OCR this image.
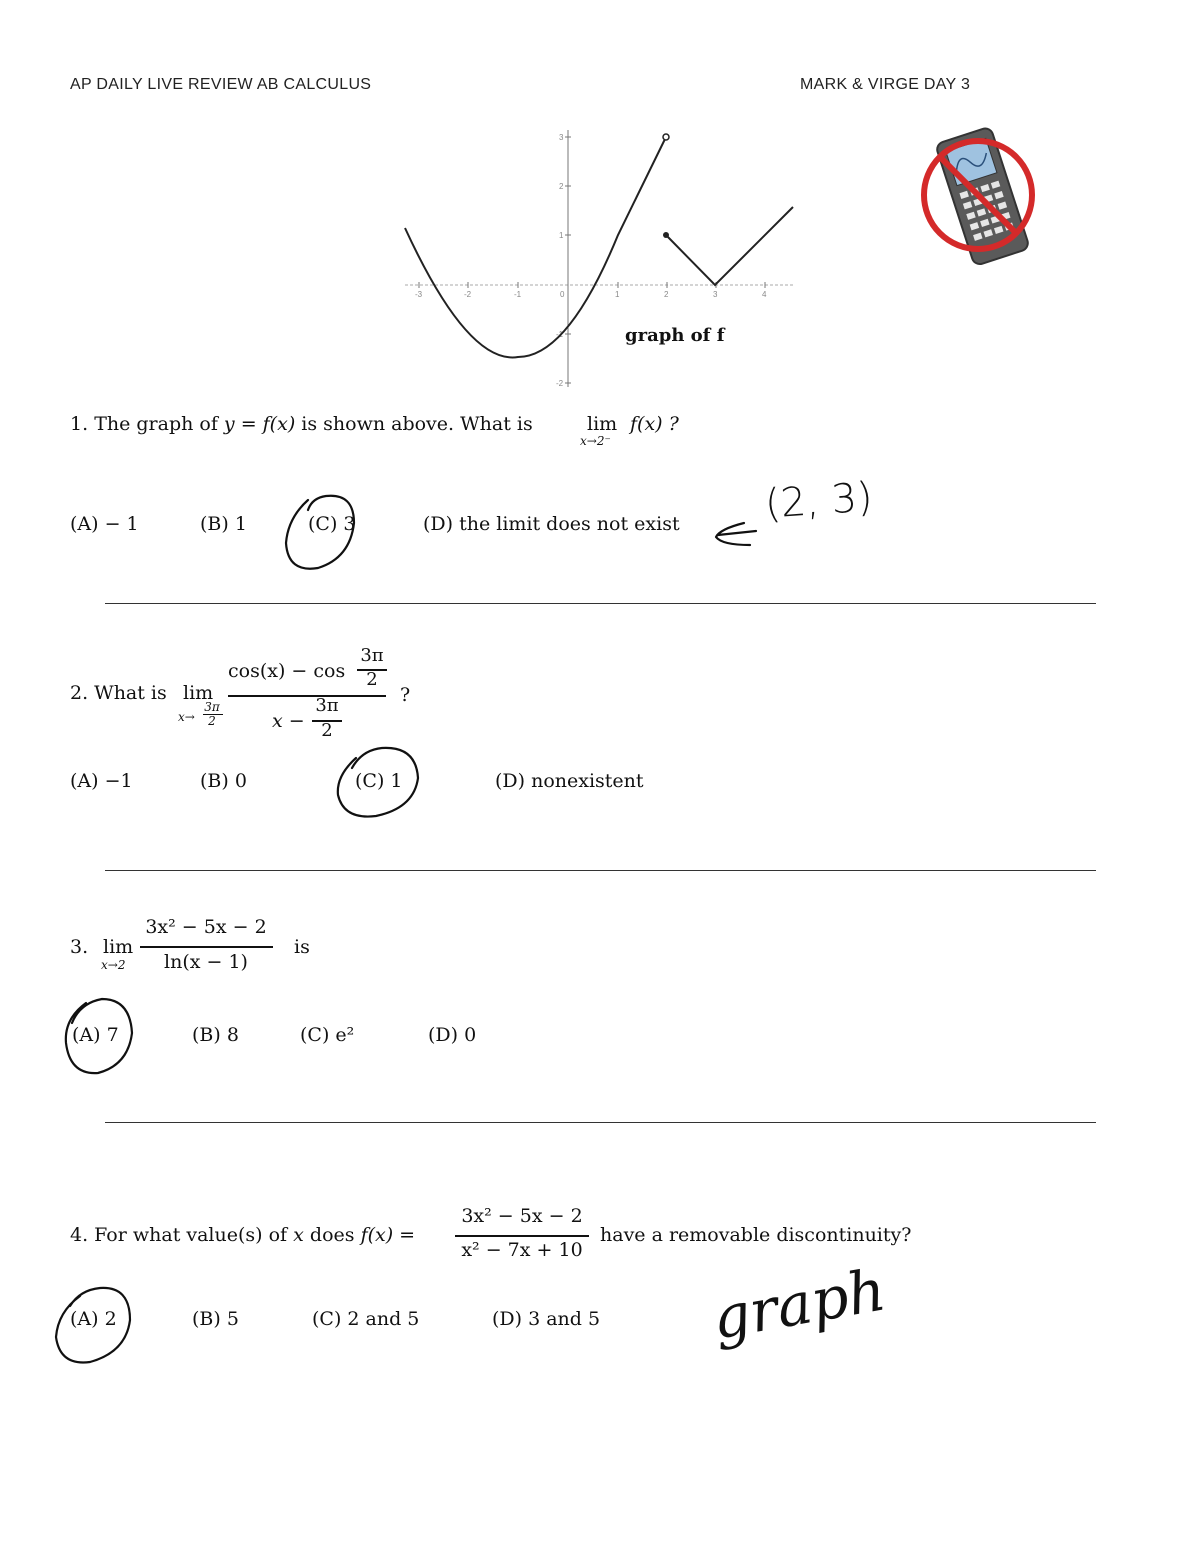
AP DAILY LIVE REVIEW AB CALCULUS	MARK & VIRGE DAY 3
-3	-2	-1	0	1	2	3	4
3
2
1
-1
-2
graph of f
1. The graph of y = f(x) is shown above. What is	lim
x→2⁻
f(x) ?
(A) − 1	(B) 1	(C) 3	(D) the limit does not exist (2, 3)
2. What is lim
x→
3π
2
cos(x) − cos
3π
2
x −
3π
2
?
(A) −1	(B) 0	(C) 1	(D) nonexistent
3. lim
x→2
3x² − 5x − 2
ln(x − 1)
is
(A) 7	(B) 8	(C) e²	(D) 0
4. For what value(s) of x does f(x) =
3x² − 5x − 2
x² − 7x + 10
have a removable discontinuity?
(A) 2	(B) 5	(C) 2 and 5	(D) 3 and 5 graph
